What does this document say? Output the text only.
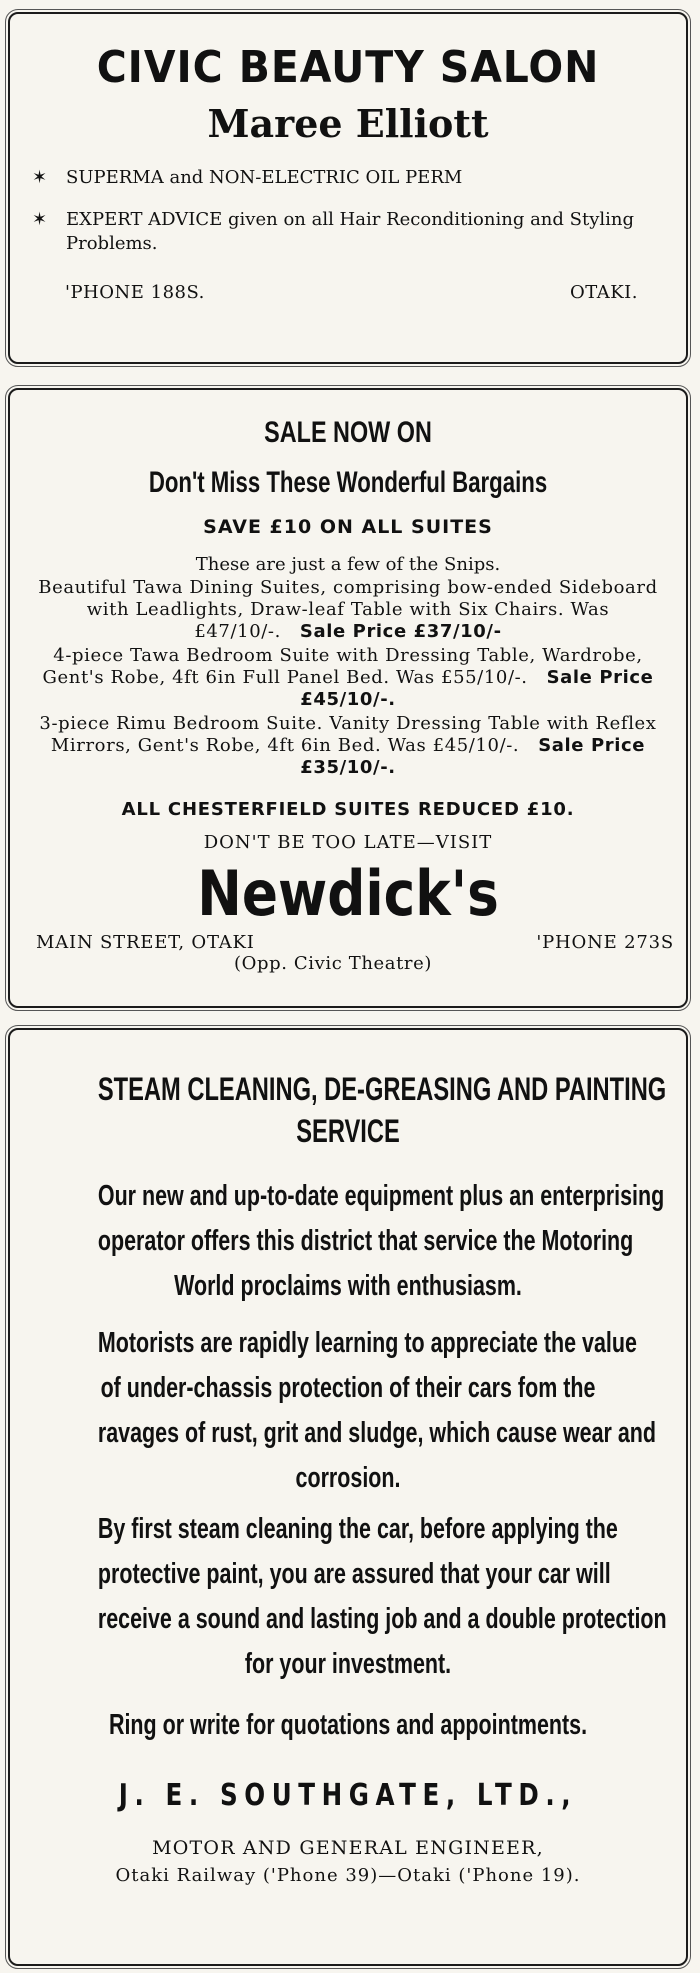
CIVIC BEAUTY SALON
Maree Elliott
✶	SUPERMA and NON-ELECTRIC OIL PERM
✶	EXPERT ADVICE given on all Hair Reconditioning and Styling Problems.
'PHONE 188S.	OTAKI.
SALE NOW ON
Don't Miss These Wonderful Bargains
SAVE £10 ON ALL SUITES
These are just a few of the Snips.
Beautiful Tawa Dining Suites, comprising bow-ended Sideboard with Leadlights, Draw-leaf Table with Six Chairs. Was £47/10/-. Sale Price £37/10/-
4-piece Tawa Bedroom Suite with Dressing Table, Wardrobe, Gent's Robe, 4ft 6in Full Panel Bed. Was £55/10/-. Sale Price £45/10/-.
3-piece Rimu Bedroom Suite. Vanity Dressing Table with Reflex Mirrors, Gent's Robe, 4ft 6in Bed. Was £45/10/-. Sale Price £35/10/-.
ALL CHESTERFIELD SUITES REDUCED £10.
DON'T BE TOO LATE—VISIT
Newdick's
MAIN STREET, OTAKI	'PHONE 273S
(Opp. Civic Theatre)
STEAM CLEANING, DE-GREASING AND PAINTING
SERVICE
Our new and up-to-date equipment plus an enterprising
operator offers this district that service the Motoring
World proclaims with enthusiasm.
Motorists are rapidly learning to appreciate the value
of under-chassis protection of their cars fom the
ravages of rust, grit and sludge, which cause wear and
corrosion.
By first steam cleaning the car, before applying the
protective paint, you are assured that your car will
receive a sound and lasting job and a double protection
for your investment.
Ring or write for quotations and appointments.
J. E. SOUTHGATE, LTD.,
MOTOR AND GENERAL ENGINEER,
Otaki Railway ('Phone 39)—Otaki ('Phone 19).
